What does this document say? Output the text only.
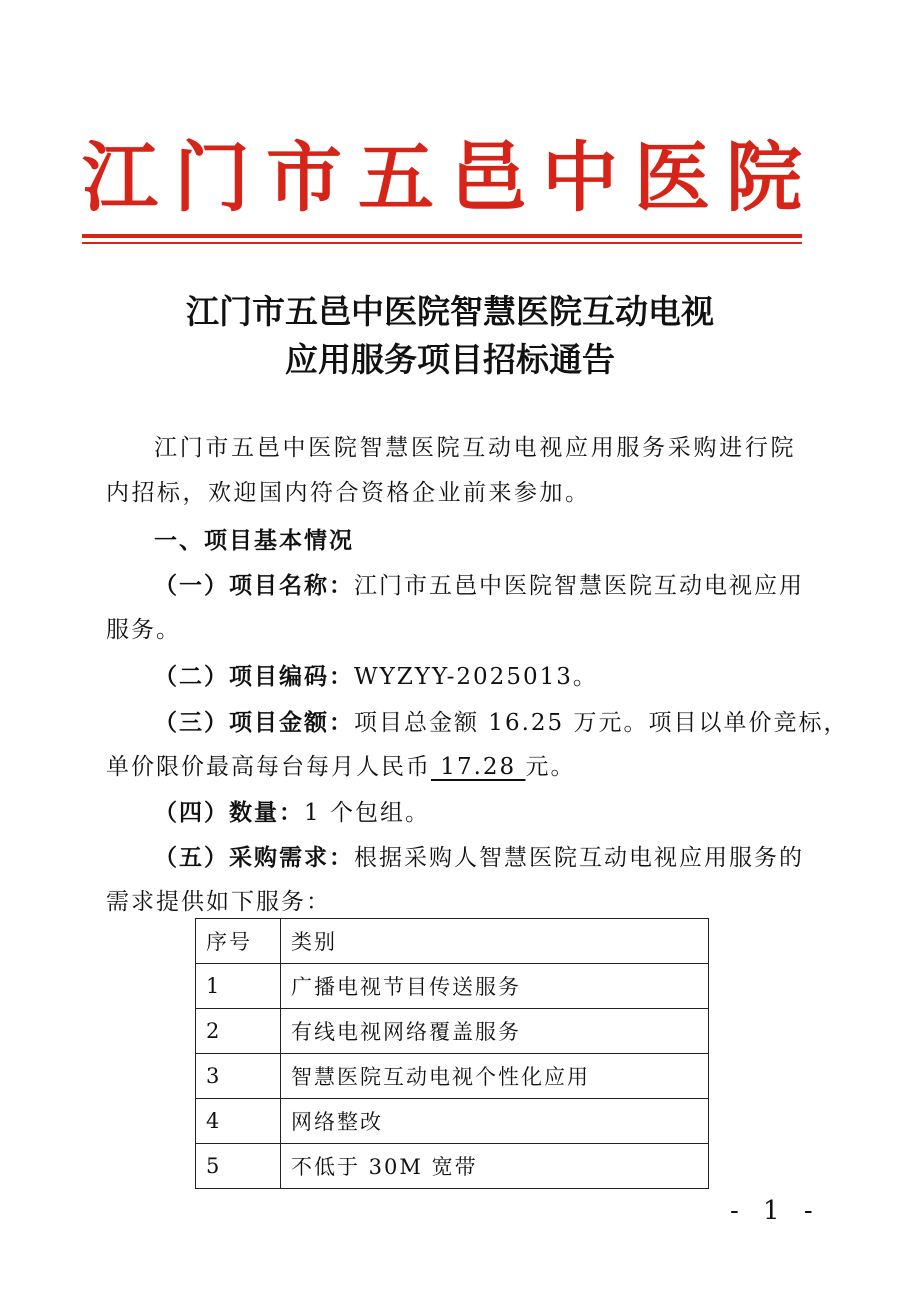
江 门 市 五 邑 中 医 院
江门市五邑中医院智慧医院互动电视
应用服务项目招标通告
江门市五邑中医院智慧医院互动电视应用服务采购进行院内招标，欢迎国内符合资格企业前来参加。
一、项目基本情况
（一）项目名称：江门市五邑中医院智慧医院互动电视应用
服务。
（二）项目编码：WYZYY-2025013。
（三）项目金额：项目总金额 16.25 万元。项目以单价竞标，
单价限价最高每台每月人民币 17.28 元。
（四）数量：1 个包组。
（五）采购需求：根据采购人智慧医院互动电视应用服务的
需求提供如下服务：
序号	类别
1	广播电视节目传送服务
2	有线电视网络覆盖服务
3	智慧医院互动电视个性化应用
4	网络整改
5	不低于 30M 宽带
- 1 -
